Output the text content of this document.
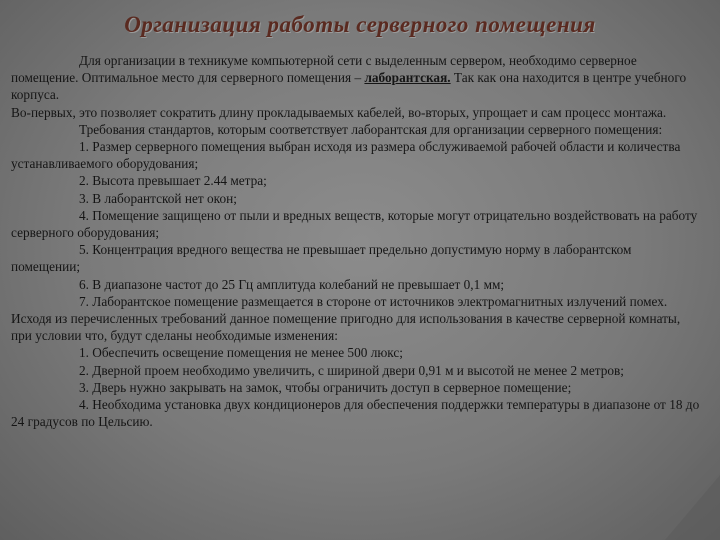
Организация работы серверного помещения

Для организации в техникуме компьютерной сети с выделенным сервером, необходимо серверное помещение. Оптимальное место для серверного помещения – лаборантская. Так как она находится в центре учебного корпуса.

Во-первых, это позволяет сократить длину прокладываемых кабелей, во-вторых, упрощает и сам процесс монтажа.

Требования стандартов, которым соответствует лаборантская для организации серверного помещения:

1. Размер серверного помещения выбран исходя из размера обслуживаемой рабочей области и количества устанавливаемого оборудования;

2. Высота превышает 2.44 метра;

3. В лаборантской нет окон;

4. Помещение защищено от пыли и вредных веществ, которые могут отрицательно воздействовать на работу серверного оборудования;

5. Концентрация вредного вещества не превышает предельно допустимую норму в лаборантском помещении;

6. В диапазоне частот до 25 Гц амплитуда колебаний не превышает 0,1 мм;

7. Лаборантское помещение размещается в стороне от источников электромагнитных излучений помех.

Исходя из перечисленных требований данное помещение пригодно для использования в качестве серверной комнаты, при условии что, будут сделаны необходимые изменения:

1. Обеспечить освещение помещения не менее 500 люкс;

2. Дверной проем необходимо увеличить, с шириной двери 0,91 м и высотой не менее 2 метров;

3. Дверь нужно закрывать на замок, чтобы ограничить доступ в серверное помещение;

4. Необходима установка двух кондиционеров для обеспечения поддержки температуры в диапазоне от 18 до 24 градусов по Цельсию.
